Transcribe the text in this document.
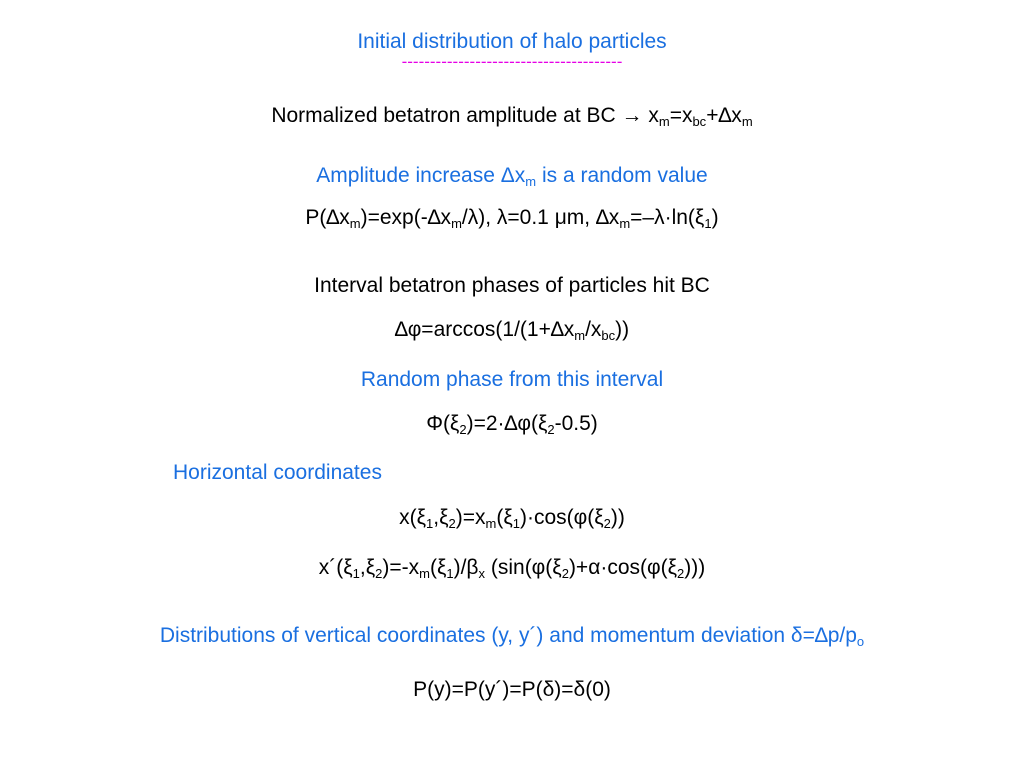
Initial distribution of halo particles
---------------------------------------
Normalized betatron amplitude at BC → $x_m=x_{bc}+\Delta x_m$
Amplitude increase $\Delta x_m$ is a random value
$P(\Delta x_m)=\exp(-\Delta x_m/\lambda)$, λ=0.1 μm, $\Delta x_m=-\lambda\cdot\ln(\xi_1)$
Interval betatron phases of particles hit BC
$\Delta\varphi=\arccos(1/(1+\Delta x_m/x_{bc}))$
Random phase from this interval
$\Phi(\xi_2)=2\cdot\Delta\varphi(\xi_2-0.5)$
Horizontal coordinates
$x(\xi_1,\xi_2)=x_m(\xi_1)\cdot\cos(\varphi(\xi_2))$
$x´(\xi_1,\xi_2)=-x_m(\xi_1)/\beta_x$ ($\sin(\varphi(\xi_2)+\alpha\cdot\cos(\varphi(\xi_2)))$
Distributions of vertical coordinates (y, y´) and momentum deviation $\delta=\Delta p/p_o$
P(y)=P(y´)=P(δ)=δ(0)
